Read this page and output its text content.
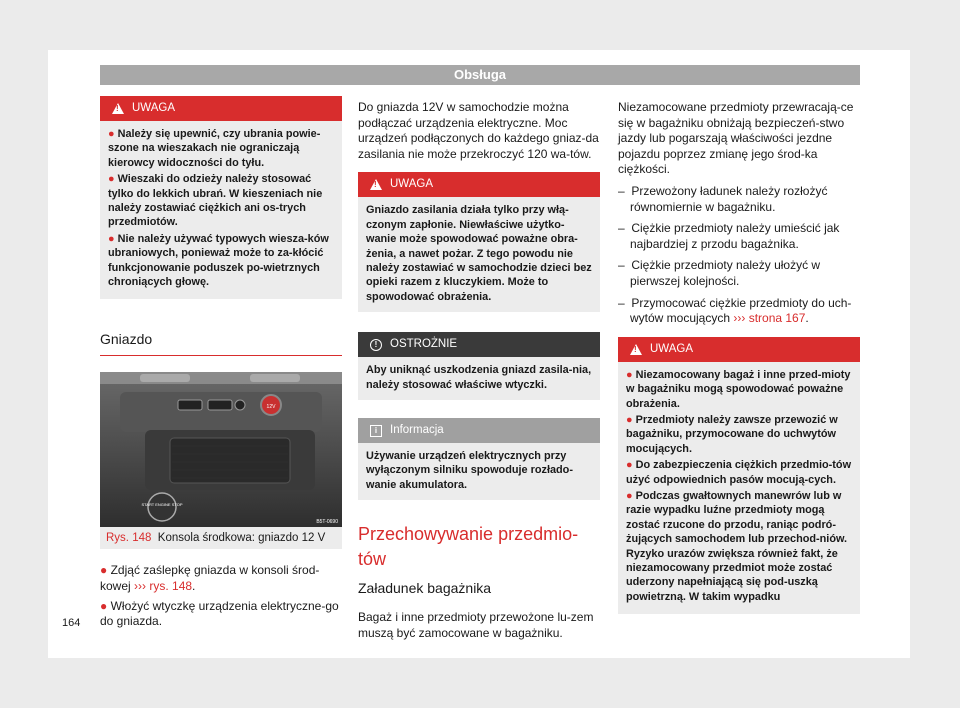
Obsługa
!
UWAGA

● Należy się upewnić, czy ubrania powie-szone na wieszakach nie ograniczają kierowcy widoczności do tyłu.

● Wieszaki do odzieży należy stosować tylko do lekkich ubrań. W kieszeniach nie należy zostawiać ciężkich ani os-trych przedmiotów.

● Nie należy używać typowych wiesza-ków ubraniowych, ponieważ może to za-kłócić funkcjonowanie poduszek po-wietrznych chroniących głowę.

Gniazdo
12V
START ENGINE STOP
B5T-0690
Rys. 148 Konsola środkowa: gniazdo 12 V

● Zdjąć zaślepkę gniazda w konsoli środ-kowej ››› rys. 148.

● Włożyć wtyczkę urządzenia elektryczne-go do gniazda.

Do gniazda 12V w samochodzie można podłączać urządzenia elektryczne. Moc urządzeń podłączonych do każdego gniaz-da zasilania nie może przekroczyć 120 wa-tów.

!
UWAGA
Gniazdo zasilania działa tylko przy włą-czonym zapłonie. Niewłaściwe użytko-wanie może spowodować poważne obra-żenia, a nawet pożar. Z tego powodu nie należy zostawiać w samochodzie dzieci bez opieki razem z kluczykiem. Może to spowodować obrażenia.
!	OSTROŻNIE
Aby uniknąć uszkodzenia gniazd zasila-nia, należy stosować właściwe wtyczki.
i	Informacja
Używanie urządzeń elektrycznych przy wyłączonym silniku spowoduje rozłado-wanie akumulatora.
Przechowywanie przedmio-tów
Załadunek bagażnika

Bagaż i inne przedmioty przewożone lu-zem muszą być zamocowane w bagażniku.

Niezamocowane przedmioty przewracają-ce się w bagażniku obniżają bezpieczeń-stwo jazdy lub pogarszają właściwości jezdne pojazdu poprzez zmianę jego środ-ka ciężkości.

–  Przewożony ładunek należy rozłożyć równomiernie w bagażniku.
–  Ciężkie przedmioty należy umieścić jak najbardziej z przodu bagażnika.
–  Ciężkie przedmioty należy ułożyć w pierwszej kolejności.
–  Przymocować ciężkie przedmioty do uch-wytów mocujących ››› strona 167.
!
UWAGA

● Niezamocowany bagaż i inne przed-mioty w bagażniku mogą spowodować poważne obrażenia.

● Przedmioty należy zawsze przewozić w bagażniku, przymocowane do uchwytów mocujących.

● Do zabezpieczenia ciężkich przedmio-tów użyć odpowiednich pasów mocują-cych.

● Podczas gwałtownych manewrów lub w razie wypadku luźne przedmioty mogą zostać rzucone do przodu, raniąc podró-żujących samochodem lub przechod-niów. Ryzyko urazów zwiększa również fakt, że niezamocowany przedmiot może zostać uderzony napełniającą się pod-uszką powietrzną. W takim wypadku

164
